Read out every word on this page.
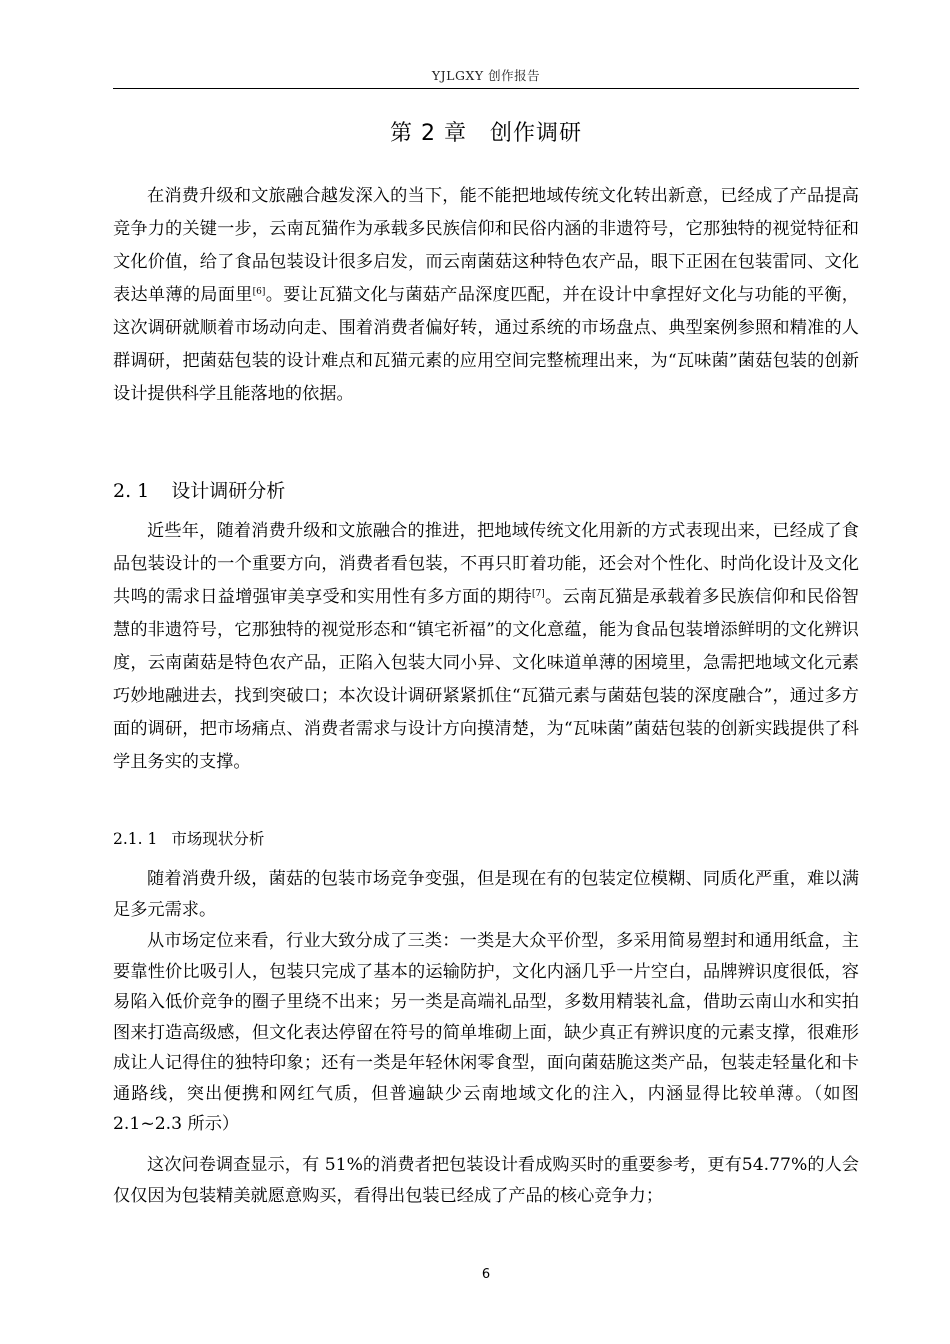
YJLGXY 创作报告
第 2 章　创作调研

在消费升级和文旅融合越发深入的当下，能不能把地域传统文化转出新意，已经成了产品提高竞争力的关键一步，云南瓦猫作为承载多民族信仰和民俗内涵的非遗符号，它那独特的视觉特征和文化价值，给了食品包装设计很多启发，而云南菌菇这种特色农产品，眼下正困在包装雷同、文化表达单薄的局面里[6]。要让瓦猫文化与菌菇产品深度匹配，并在设计中拿捏好文化与功能的平衡，这次调研就顺着市场动向走、围着消费者偏好转，通过系统的市场盘点、典型案例参照和精准的人群调研，把菌菇包装的设计难点和瓦猫元素的应用空间完整梳理出来，为“瓦味菌”菌菇包装的创新设计提供科学且能落地的依据。

2. 1 设计调研分析

近些年，随着消费升级和文旅融合的推进，把地域传统文化用新的方式表现出来，已经成了食品包装设计的一个重要方向，消费者看包装，不再只盯着功能，还会对个性化、时尚化设计及文化共鸣的需求日益增强审美享受和实用性有多方面的期待[7]。云南瓦猫是承载着多民族信仰和民俗智慧的非遗符号，它那独特的视觉形态和“镇宅祈福”的文化意蕴，能为食品包装增添鲜明的文化辨识度，云南菌菇是特色农产品，正陷入包装大同小异、文化味道单薄的困境里，急需把地域文化元素巧妙地融进去，找到突破口；本次设计调研紧紧抓住“瓦猫元素与菌菇包装的深度融合”，通过多方面的调研，把市场痛点、消费者需求与设计方向摸清楚，为“瓦味菌”菌菇包装的创新实践提供了科学且务实的支撑。

2.1. 1 市场现状分析

随着消费升级，菌菇的包装市场竞争变强，但是现在有的包装定位模糊、同质化严重，难以满足多元需求。

从市场定位来看，行业大致分成了三类：一类是大众平价型，多采用简易塑封和通用纸盒，主要靠性价比吸引人，包装只完成了基本的运输防护，文化内涵几乎一片空白，品牌辨识度很低，容易陷入低价竞争的圈子里绕不出来；另一类是高端礼品型，多数用精装礼盒，借助云南山水和实拍图来打造高级感，但文化表达停留在符号的简单堆砌上面，缺少真正有辨识度的元素支撑，很难形成让人记得住的独特印象；还有一类是年轻休闲零食型，面向菌菇脆这类产品，包装走轻量化和卡通路线，突出便携和网红气质，但普遍缺少云南地域文化的注入，内涵显得比较单薄。（如图 2.1~2.3 所示）

这次问卷调查显示，有 51%的消费者把包装设计看成购买时的重要参考，更有54.77%的人会仅仅因为包装精美就愿意购买，看得出包装已经成了产品的核心竞争力；

6
